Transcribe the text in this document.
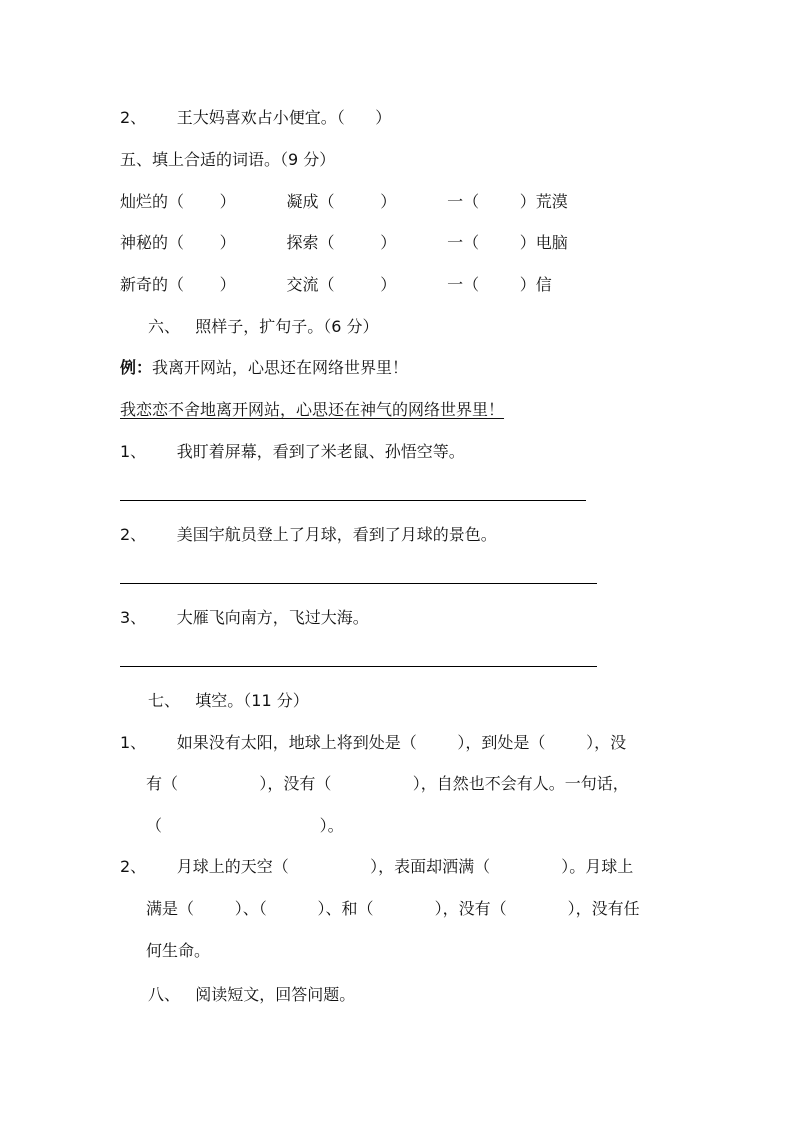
2、      王大妈喜欢占小便宜。（      ）
五、填上合适的词语。（9 分）
灿烂的（       ）          凝成（         ）          一（        ）荒漠
神秘的（       ）          探索（         ）          一（        ）电脑
新奇的（       ）          交流（         ）          一（        ）信
六、   照样子，扩句子。（6 分）
例：我离开网站，心思还在网络世界里！
我恋恋不舍地离开网站，心思还在神气的网络世界里！
1、      我盯着屏幕，看到了米老鼠、孙悟空等。
2、      美国宇航员登上了月球，看到了月球的景色。
3、      大雁飞向南方，飞过大海。
七、   填空。（11 分）
1、      如果没有太阳，地球上将到处是（        ），到处是（        ），没
有（                ），没有（                ），自然也不会有人。一句话，
（                               ）。
2、      月球上的天空（                ），表面却洒满（              ）。月球上
满是（        ）、（          ）、和（            ），没有（            ），没有任
何生命。
八、   阅读短文，回答问题。
